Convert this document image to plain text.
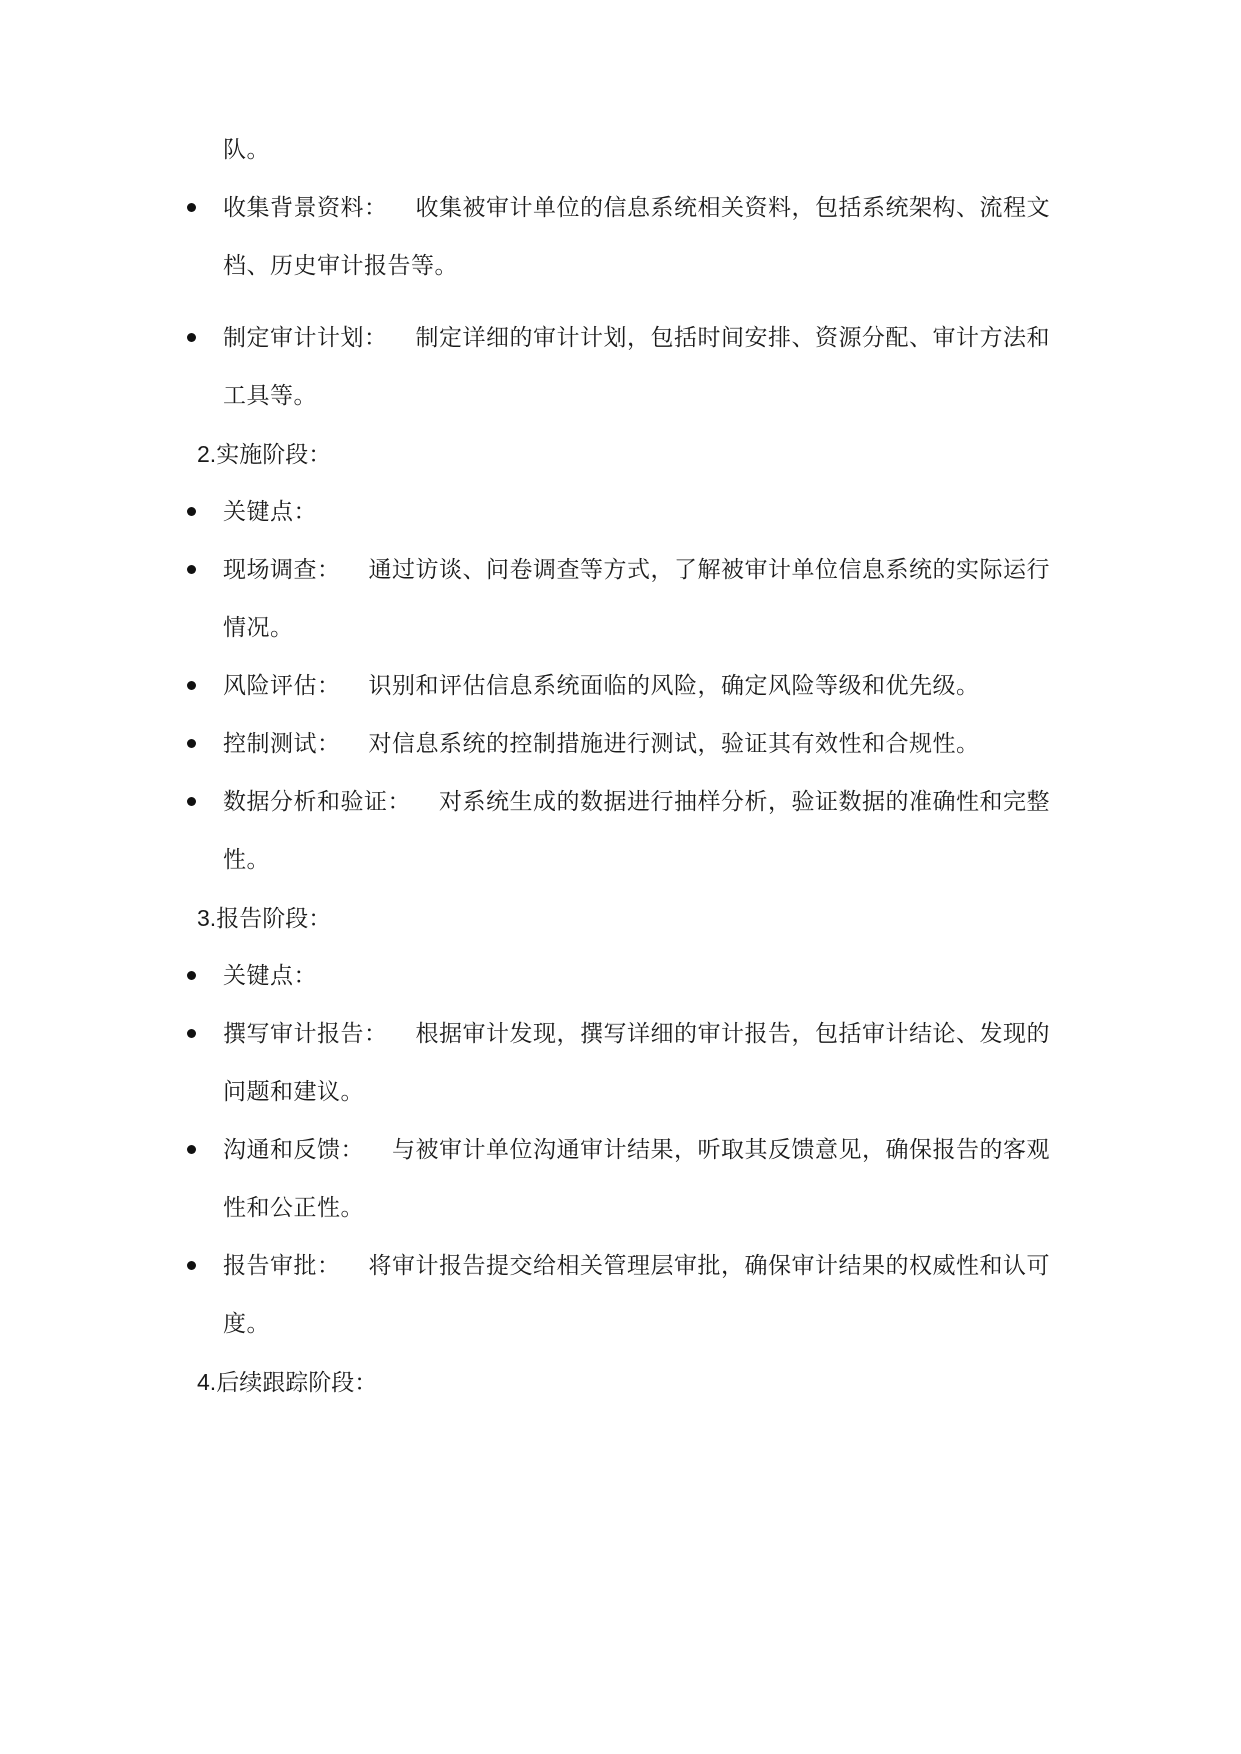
队。
收集背景资料： 收集被审计单位的信息系统相关资料，包括系统架构、流程文
档、历史审计报告等。
制定审计计划： 制定详细的审计计划，包括时间安排、资源分配、审计方法和
工具等。
2.实施阶段：
关键点：
现场调查： 通过访谈、问卷调查等方式，了解被审计单位信息系统的实际运行
情况。
风险评估： 识别和评估信息系统面临的风险，确定风险等级和优先级。
控制测试： 对信息系统的控制措施进行测试，验证其有效性和合规性。
数据分析和验证： 对系统生成的数据进行抽样分析，验证数据的准确性和完整
性。
3.报告阶段：
关键点：
撰写审计报告： 根据审计发现，撰写详细的审计报告，包括审计结论、发现的
问题和建议。
沟通和反馈： 与被审计单位沟通审计结果，听取其反馈意见，确保报告的客观
性和公正性。
报告审批： 将审计报告提交给相关管理层审批，确保审计结果的权威性和认可
度。
4.后续跟踪阶段：
